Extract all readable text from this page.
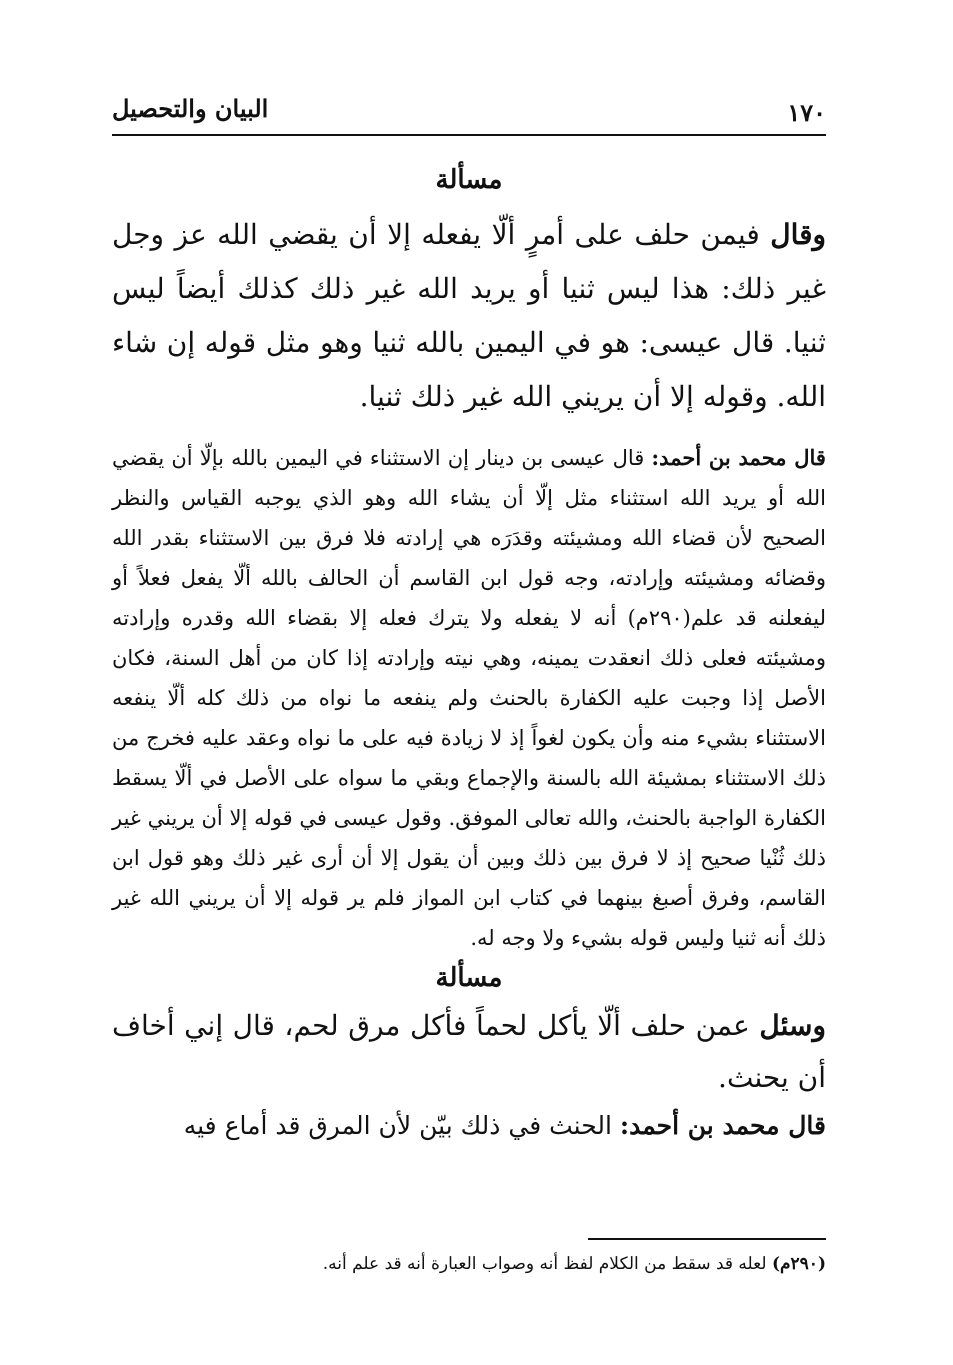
١٧٠
البيان والتحصيل
مسألة

وقال فيمن حلف على أمرٍ ألّا يفعله إلا أن يقضي الله عز وجل غير ذلك: هذا ليس ثنيا أو يريد الله غير ذلك كذلك أيضاً ليس ثنيا. قال عيسى: هو في اليمين بالله ثنيا وهو مثل قوله إن شاء الله. وقوله إلا أن يريني الله غير ذلك ثنيا.

قال محمد بن أحمد: قال عيسى بن دينار إن الاستثناء في اليمين بالله بإلّا أن يقضي الله أو يريد الله استثناء مثل إلّا أن يشاء الله وهو الذي يوجبه القياس والنظر الصحيح لأن قضاء الله ومشيئته وقدَرَه هي إرادته فلا فرق بين الاستثناء بقدر الله وقضائه ومشيئته وإرادته، وجه قول ابن القاسم أن الحالف بالله ألّا يفعل فعلاً أو ليفعلنه قد علم(٢٩٠م) أنه لا يفعله ولا يترك فعله إلا بقضاء الله وقدره وإرادته ومشيئته فعلى ذلك انعقدت يمينه، وهي نيته وإرادته إذا كان من أهل السنة، فكان الأصل إذا وجبت عليه الكفارة بالحنث ولم ينفعه ما نواه من ذلك كله ألّا ينفعه الاستثناء بشيء منه وأن يكون لغواً إذ لا زيادة فيه على ما نواه وعقد عليه فخرج من ذلك الاستثناء بمشيئة الله بالسنة والإجماع وبقي ما سواه على الأصل في ألّا يسقط الكفارة الواجبة بالحنث، والله تعالى الموفق. وقول عيسى في قوله إلا أن يريني غير ذلك ثُنْيا صحيح إذ لا فرق بين ذلك وبين أن يقول إلا أن أرى غير ذلك وهو قول ابن القاسم، وفرق أصبغ بينهما في كتاب ابن المواز فلم ير قوله إلا أن يريني الله غير ذلك أنه ثنيا وليس قوله بشيء ولا وجه له.

مسألة

وسئل عمن حلف ألّا يأكل لحماً فأكل مرق لحم، قال إني أخاف أن يحنث.

قال محمد بن أحمد: الحنث في ذلك بيّن لأن المرق قد أماع فيه

(٢٩٠م) لعله قد سقط من الكلام لفظ أنه وصواب العبارة أنه قد علم أنه.
